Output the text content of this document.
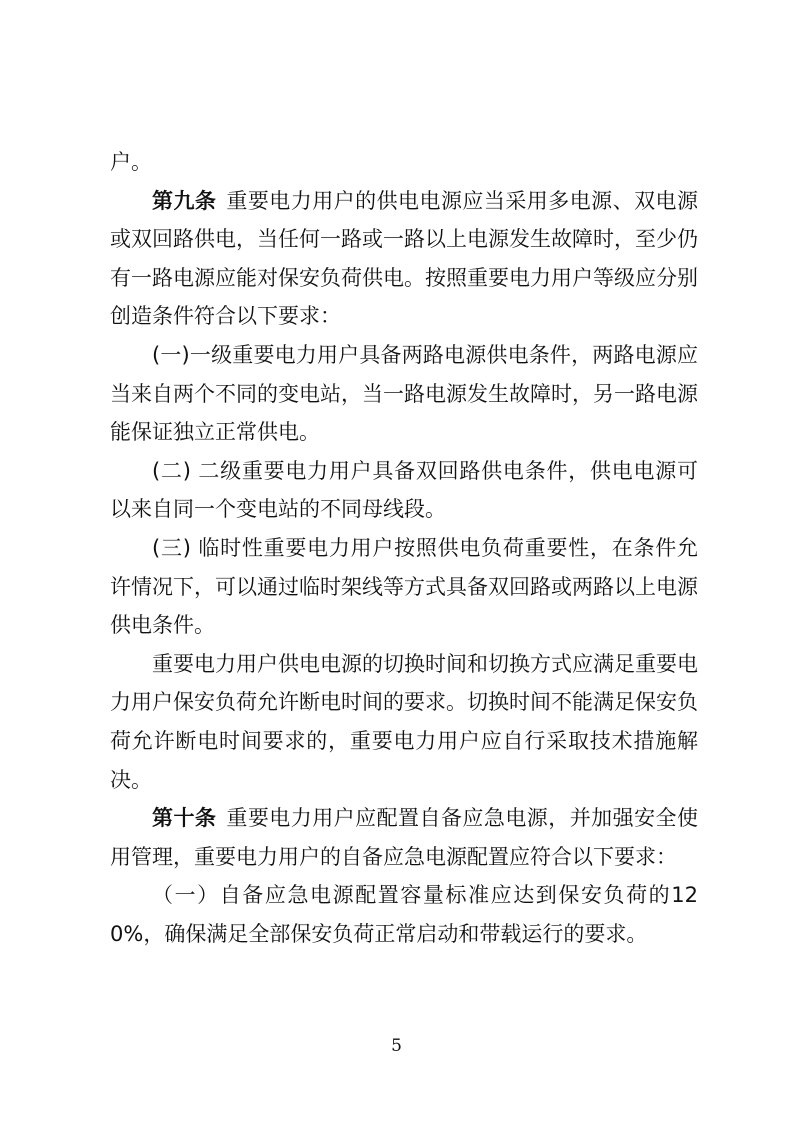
户。

第九条 重要电力用户的供电电源应当采用多电源、双电源或双回路供电，当任何一路或一路以上电源发生故障时，至少仍有一路电源应能对保安负荷供电。按照重要电力用户等级应分别创造条件符合以下要求：

(一)一级重要电力用户具备两路电源供电条件，两路电源应当来自两个不同的变电站，当一路电源发生故障时，另一路电源能保证独立正常供电。

(二) 二级重要电力用户具备双回路供电条件，供电电源可以来自同一个变电站的不同母线段。

(三) 临时性重要电力用户按照供电负荷重要性，在条件允许情况下，可以通过临时架线等方式具备双回路或两路以上电源供电条件。

重要电力用户供电电源的切换时间和切换方式应满足重要电力用户保安负荷允许断电时间的要求。切换时间不能满足保安负荷允许断电时间要求的，重要电力用户应自行采取技术措施解决。

第十条 重要电力用户应配置自备应急电源，并加强安全使用管理，重要电力用户的自备应急电源配置应符合以下要求：

（一）自备应急电源配置容量标准应达到保安负荷的120%，确保满足全部保安负荷正常启动和带载运行的要求。

5
